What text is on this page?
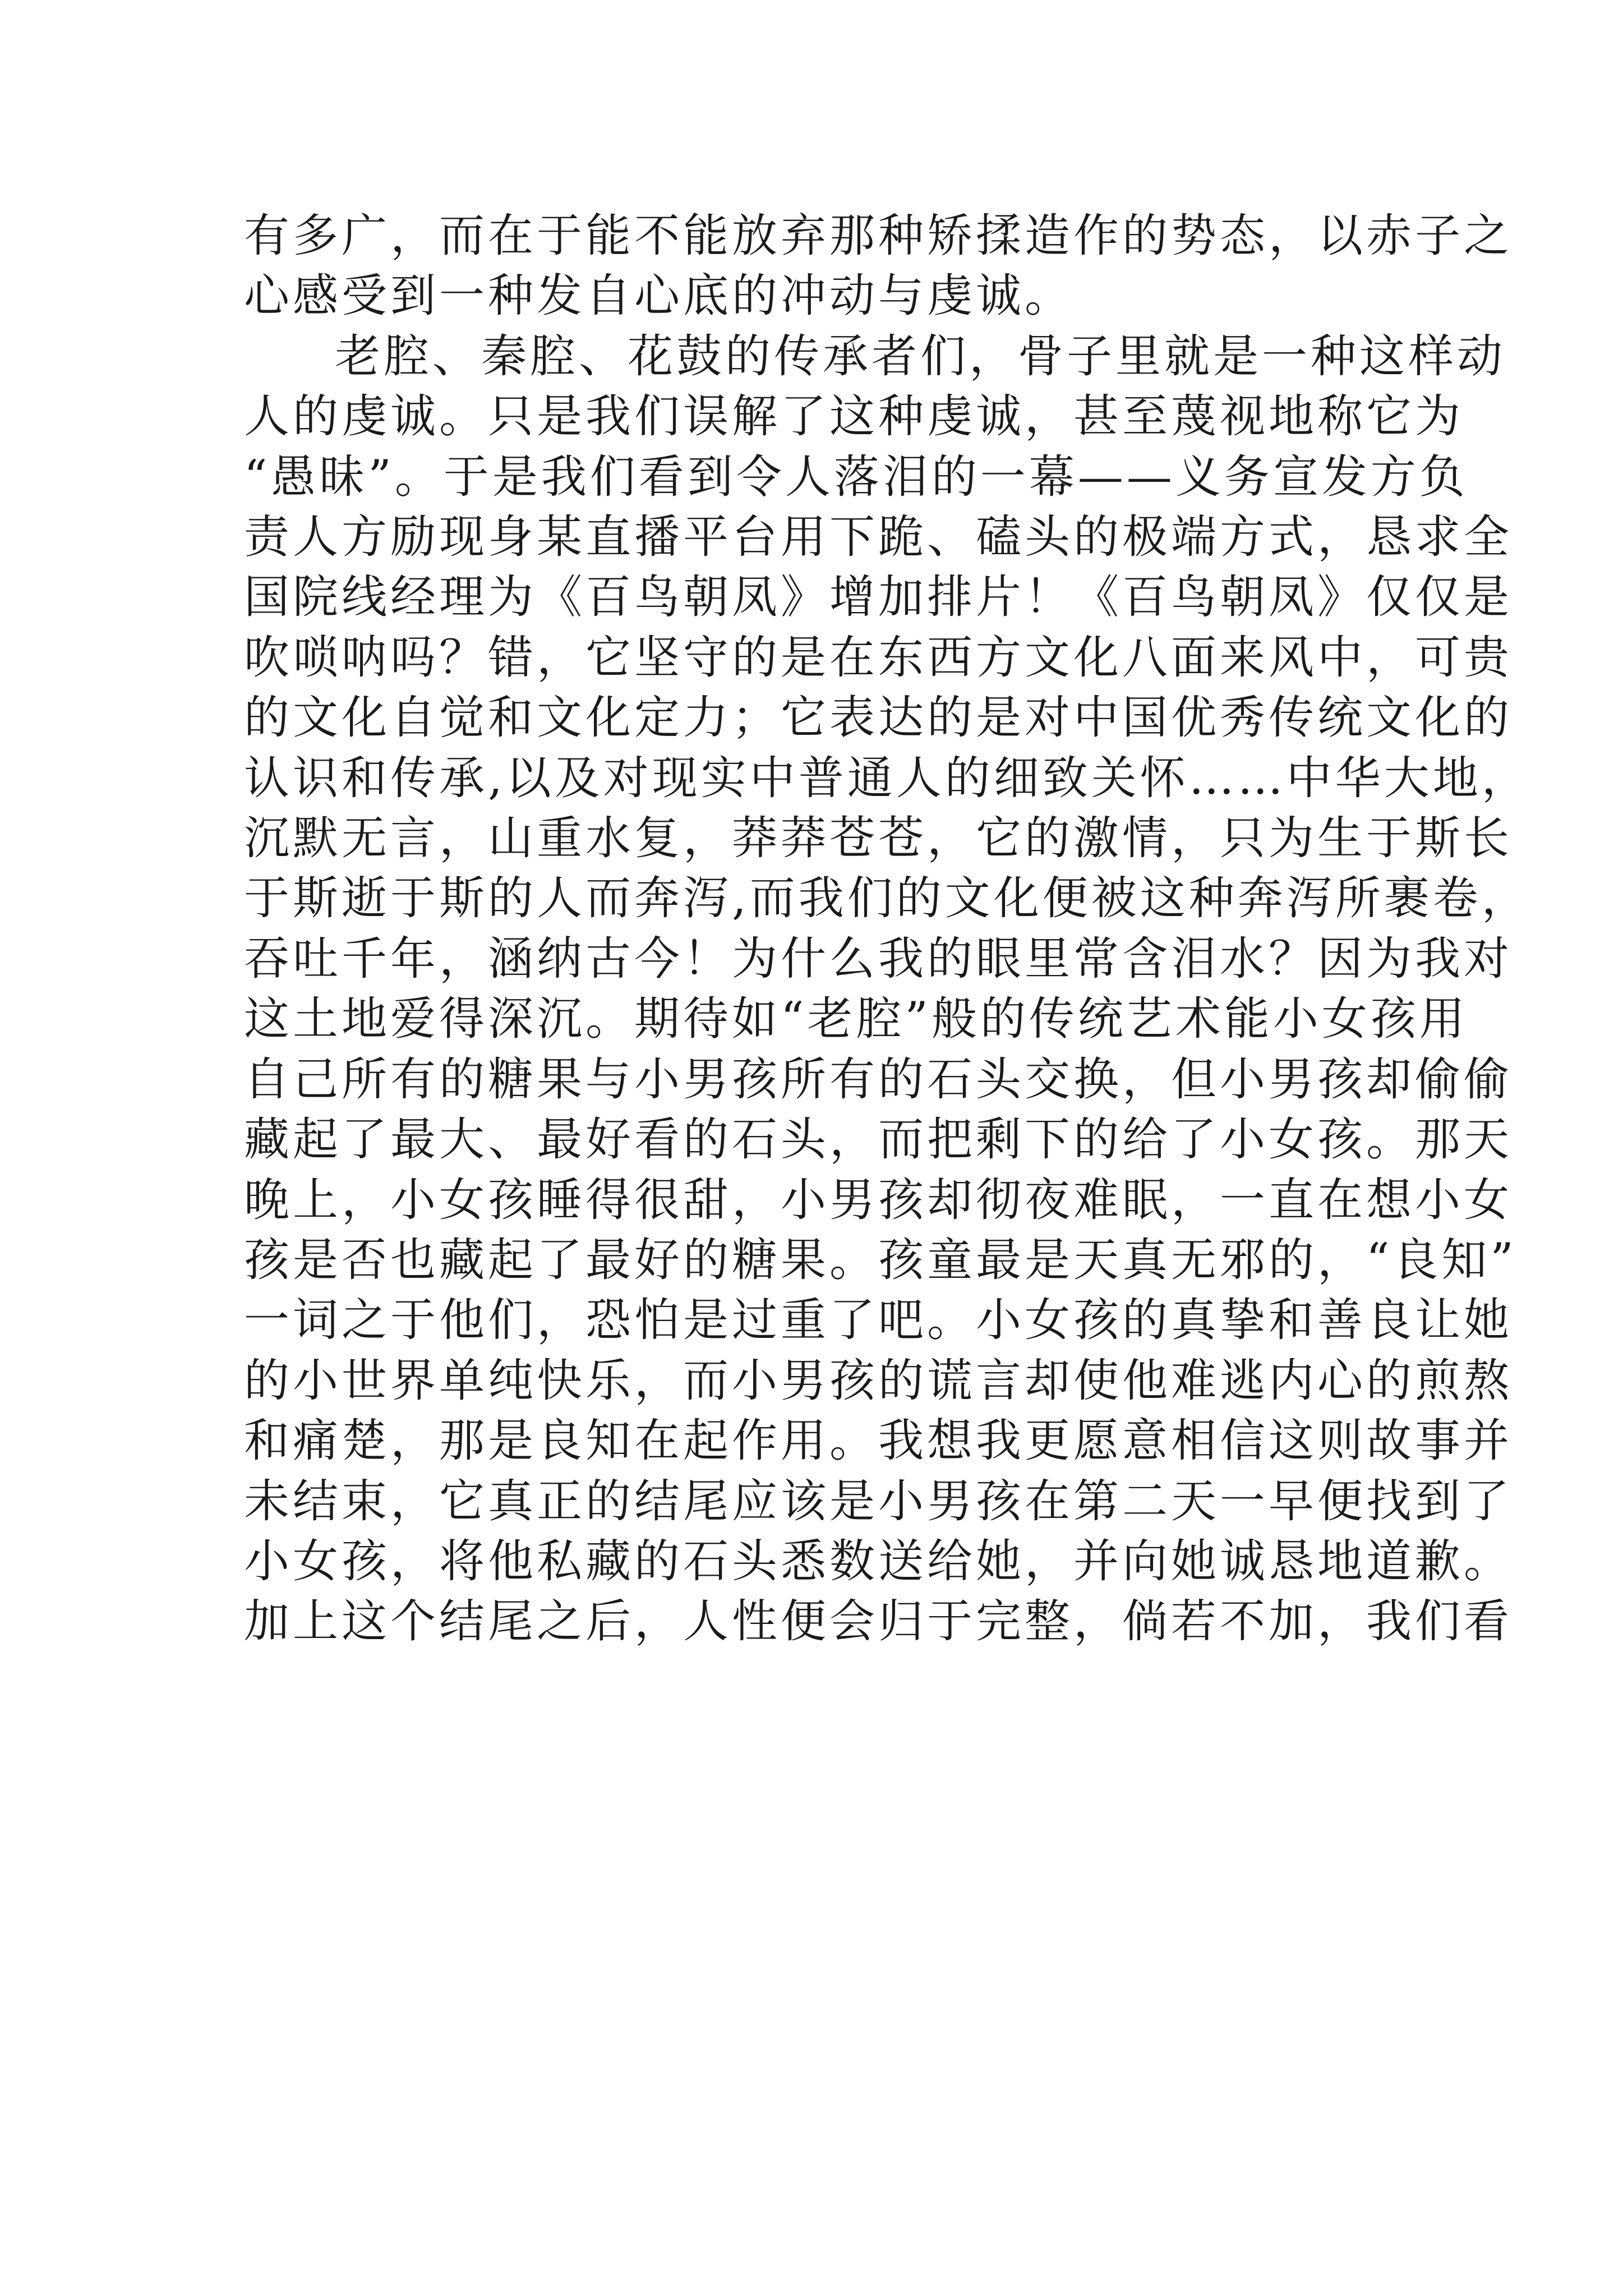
有多广，而在于能不能放弃那种矫揉造作的势态，以赤子之
心感受到一种发自心底的冲动与虔诚。
老腔、秦腔、花鼓的传承者们，骨子里就是一种这样动
人的虔诚。只是我们误解了这种虔诚，甚至蔑视地称它为
“愚昧”。于是我们看到令人落泪的一幕——义务宣发方负
责人方励现身某直播平台用下跪、磕头的极端方式，恳求全
国院线经理为《百鸟朝凤》增加排片！《百鸟朝凤》仅仅是
吹唢呐吗？错，它坚守的是在东西方文化八面来风中，可贵
的文化自觉和文化定力；它表达的是对中国优秀传统文化的
认识和传承,以及对现实中普通人的细致关怀……中华大地，
沉默无言，山重水复，莽莽苍苍，它的激情，只为生于斯长
于斯逝于斯的人而奔泻,而我们的文化便被这种奔泻所裹卷，
吞吐千年，涵纳古今！为什么我的眼里常含泪水？因为我对
这土地爱得深沉。期待如“老腔”般的传统艺术能小女孩用
自己所有的糖果与小男孩所有的石头交换，但小男孩却偷偷
藏起了最大、最好看的石头，而把剩下的给了小女孩。那天
晚上，小女孩睡得很甜，小男孩却彻夜难眠，一直在想小女
孩是否也藏起了最好的糖果。孩童最是天真无邪的，“良知”
一词之于他们，恐怕是过重了吧。小女孩的真挚和善良让她
的小世界单纯快乐，而小男孩的谎言却使他难逃内心的煎熬
和痛楚，那是良知在起作用。我想我更愿意相信这则故事并
未结束，它真正的结尾应该是小男孩在第二天一早便找到了
小女孩，将他私藏的石头悉数送给她，并向她诚恳地道歉。
加上这个结尾之后，人性便会归于完整，倘若不加，我们看
